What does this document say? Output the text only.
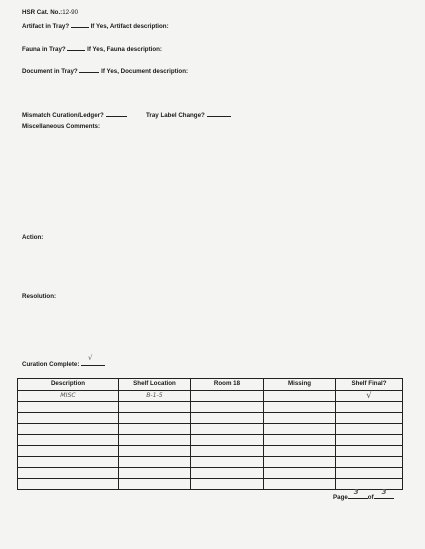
HSR Cat. No.:12-90
Artifact in Tray?	If Yes, Artifact description:
Fauna in Tray?	If Yes, Fauna description:
Document in Tray?	If Yes, Document description:
Mismatch Curation/Ledger?	Tray Label Change?
Miscellaneous Comments:
Action:
Resolution:
Curation Complete:
√
Description	Shelf Location	Room 18	Missing	Shelf Final?
MISC	B-1-5			√

Page
3
of
3
